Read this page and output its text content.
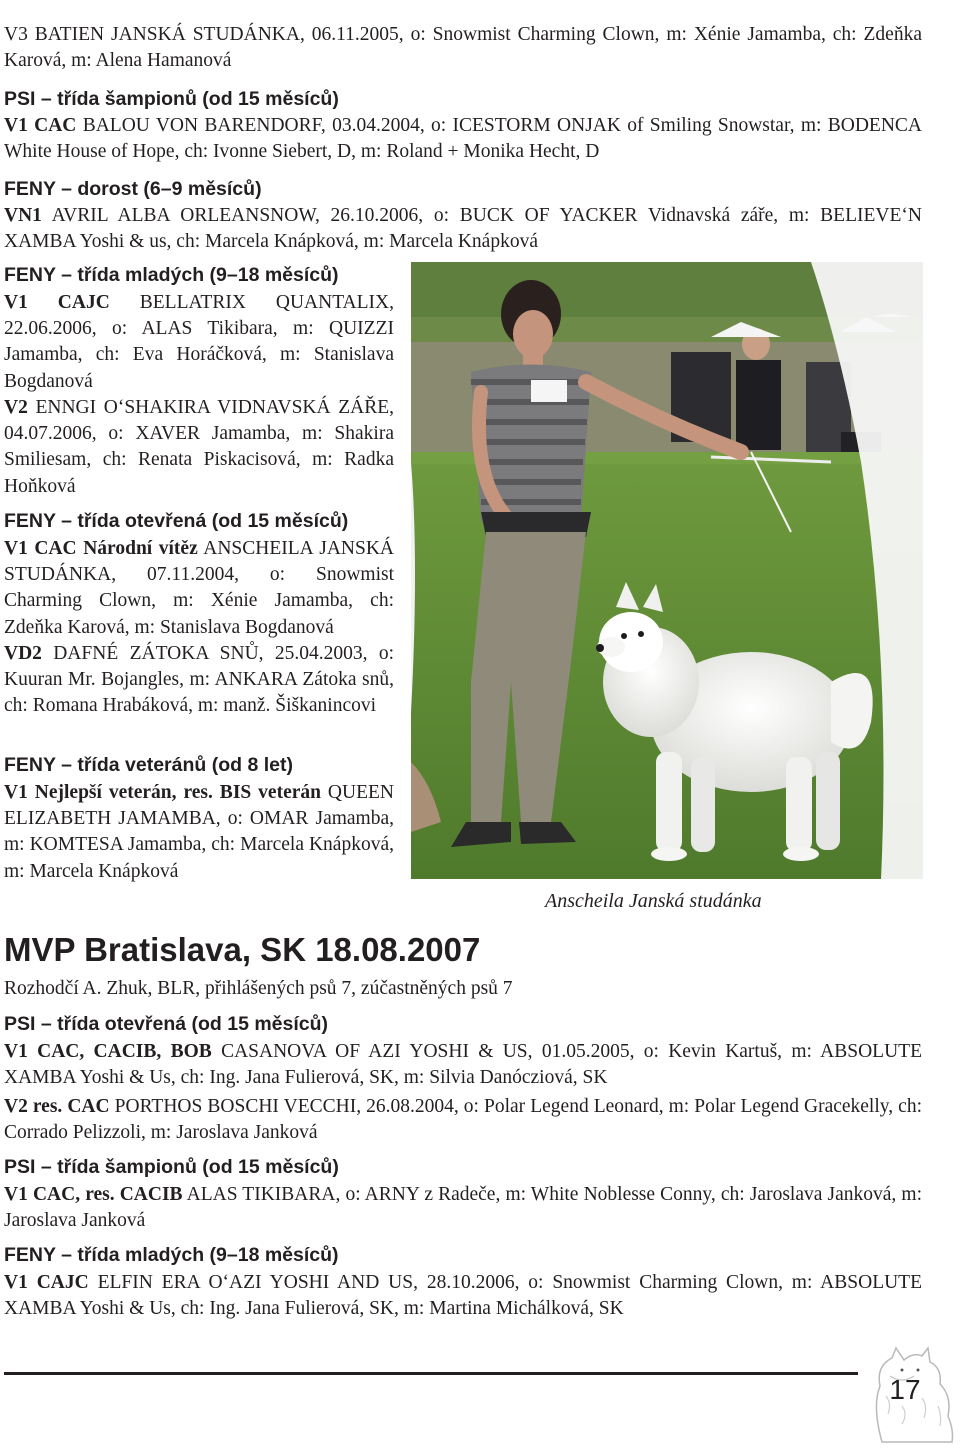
V3 BATIEN JANSKÁ STUDÁNKA, 06.11.2005, o: Snowmist Charming Clown, m: Xénie Jamamba, ch: Zdeňka Karová, m: Alena Hamanová

PSI – třída šampionů (od 15 měsíců)

V1 CAC BALOU VON BARENDORF, 03.04.2004, o: ICESTORM ONJAK of Smiling Snowstar, m: BODENCA White House of Hope, ch: Ivonne Siebert, D, m: Roland + Monika Hecht, D

FENY – dorost (6–9 měsíců)

VN1 AVRIL ALBA ORLEANSNOW, 26.10.2006, o: BUCK OF YACKER Vidnavská záře, m: BELIEVE‘N XAMBA Yoshi & us, ch: Marcela Knápková, m: Marcela Knápková

FENY – třída mladých (9–18 měsíců)

V1 CAJC BELLATRIX QUANTALIX, 22.06.2006, o: ALAS Tikibara, m: QUIZZI Jamamba, ch: Eva Horáčková, m: Stanislava Bogdanová

V2 ENNGI O‘SHAKIRA VIDNAVSKÁ ZÁŘE, 04.07.2006, o: XAVER Jamamba, m: Shakira Smiliesam, ch: Renata Piskacisová, m: Radka Hoňková

FENY – třída otevřená (od 15 měsíců)

V1 CAC Národní vítěz ANSCHEILA JANSKÁ STUDÁNKA, 07.11.2004, o: Snowmist Charming Clown, m: Xénie Jamamba, ch: Zdeňka Karová, m: Stanislava Bogdanová

VD2 DAFNÉ ZÁTOKA SNŮ, 25.04.2003, o: Kuuran Mr. Bojangles, m: ANKARA Zátoka snů, ch: Romana Hrabáková, m: manž. Šiškanincovi

FENY – třída veteránů (od 8 let)

V1 Nejlepší veterán, res. BIS veterán QUEEN ELIZABETH JAMAMBA, o: OMAR Jamamba, m: KOMTESA Jamamba, ch: Marcela Knápková, m: Marcela Knápková

Anscheila Janská studánka
MVP Bratislava, SK 18.08.2007

Rozhodčí A. Zhuk, BLR, přihlášených psů 7, zúčastněných psů 7

PSI – třída otevřená (od 15 měsíců)

V1 CAC, CACIB, BOB CASANOVA OF AZI YOSHI & US, 01.05.2005, o: Kevin Kartuš, m: ABSOLUTE XAMBA Yoshi & Us, ch: Ing. Jana Fulierová, SK, m: Silvia Danócziová, SK

V2 res. CAC PORTHOS BOSCHI VECCHI, 26.08.2004, o: Polar Legend Leonard, m: Polar Legend Gracekelly, ch: Corrado Pelizzoli, m: Jaroslava Janková

PSI – třída šampionů (od 15 měsíců)

V1 CAC, res. CACIB ALAS TIKIBARA, o: ARNY z Radeče, m: White Noblesse Conny, ch: Jaroslava Janková, m: Jaroslava Janková

FENY – třída mladých (9–18 měsíců)

V1 CAJC ELFIN ERA O‘AZI YOSHI AND US, 28.10.2006, o: Snowmist Charming Clown, m: ABSOLUTE XAMBA Yoshi & Us, ch: Ing. Jana Fulierová, SK, m: Martina Michálková, SK

17
